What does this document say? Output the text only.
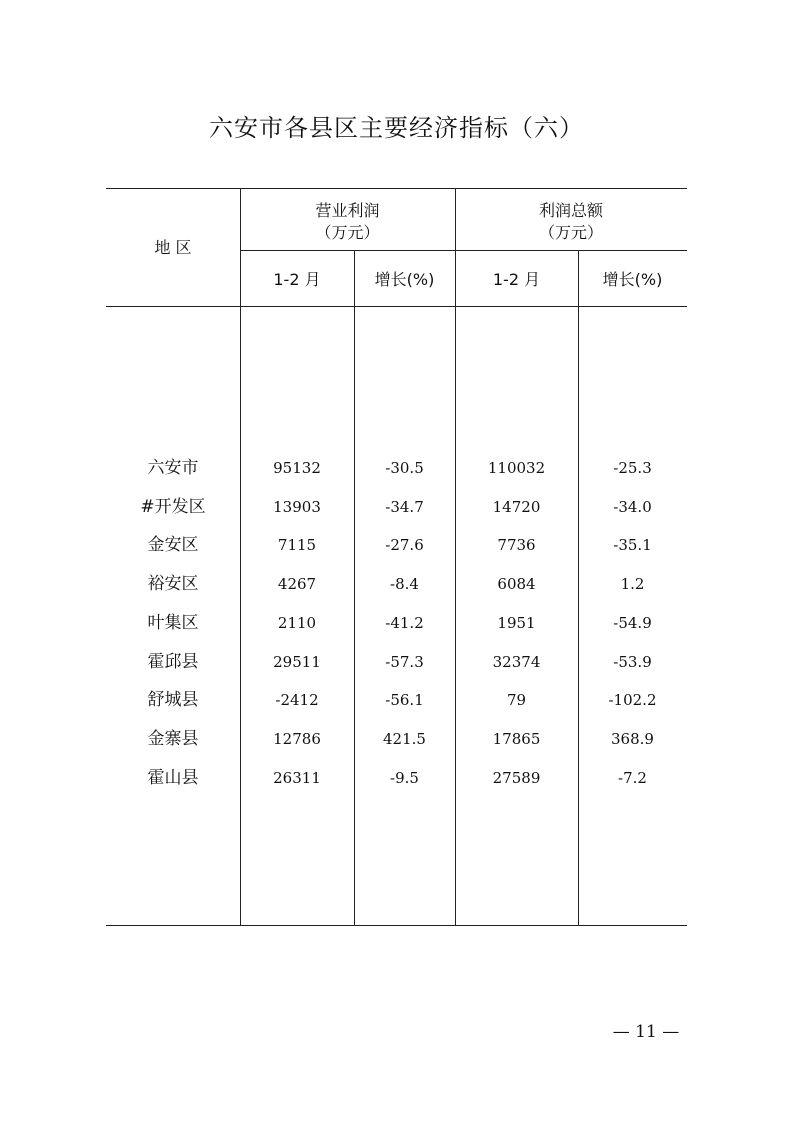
六安市各县区主要经济指标（六）
地 区
营业利润
（万元）
利润总额
（万元）
1-2 月	增长(%)	1-2 月	增长(%)
六安市	95132	-30.5	110032	-25.3
#开发区	13903	-34.7	14720	-34.0
金安区	7115	-27.6	7736	-35.1
裕安区	4267	-8.4	6084	1.2
叶集区	2110	-41.2	1951	-54.9
霍邱县	29511	-57.3	32374	-53.9
舒城县	-2412	-56.1	79	-102.2
金寨县	12786	421.5	17865	368.9
霍山县	26311	-9.5	27589	-7.2
— 11 —
